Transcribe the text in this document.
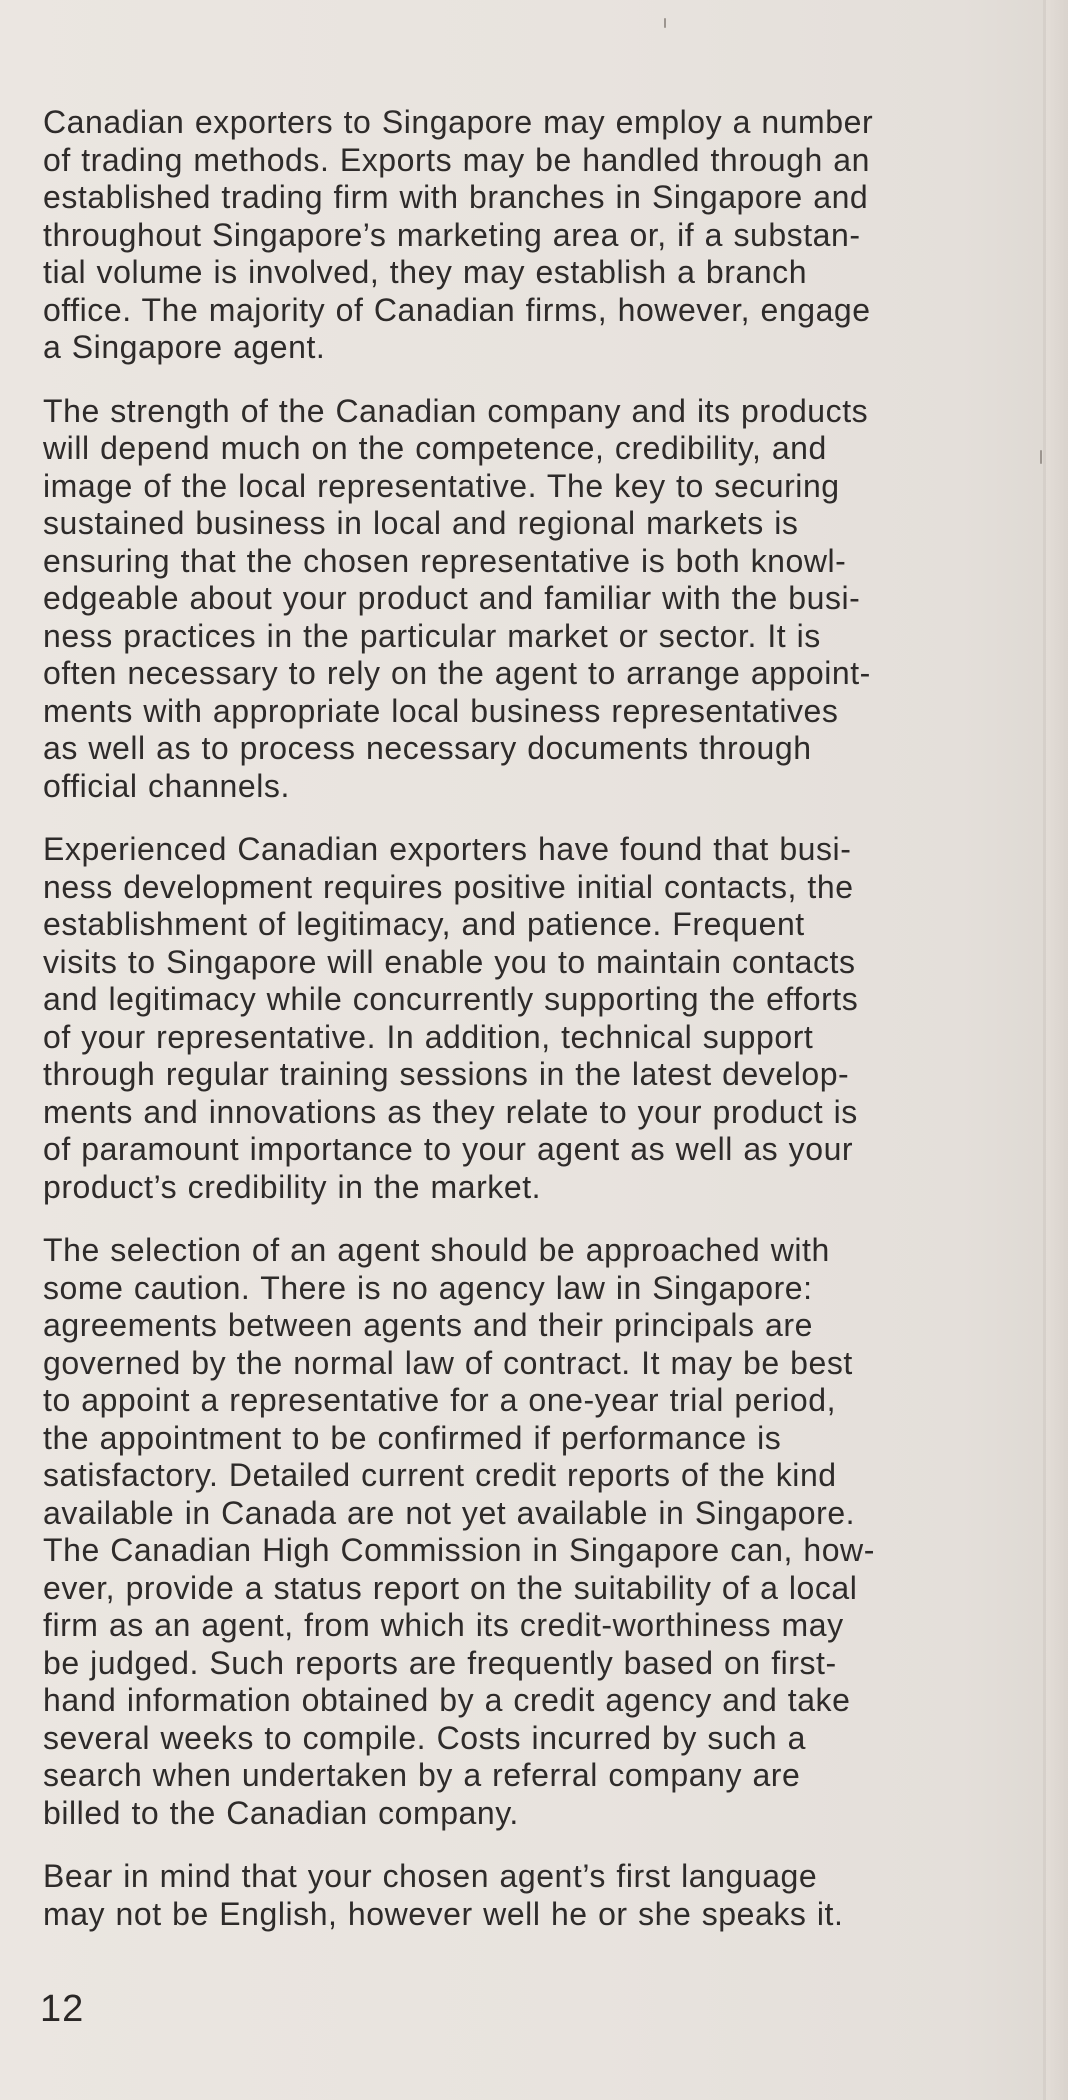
Canadian exporters to Singapore may employ a number
of trading methods. Exports may be handled through an
established trading firm with branches in Singapore and
throughout Singapore’s marketing area or, if a substan-
tial volume is involved, they may establish a branch
office. The majority of Canadian firms, however, engage
a Singapore agent.

The strength of the Canadian company and its products
will depend much on the competence, credibility, and
image of the local representative. The key to securing
sustained business in local and regional markets is
ensuring that the chosen representative is both knowl-
edgeable about your product and familiar with the busi-
ness practices in the particular market or sector. It is
often necessary to rely on the agent to arrange appoint-
ments with appropriate local business representatives
as well as to process necessary documents through
official channels.

Experienced Canadian exporters have found that busi-
ness development requires positive initial contacts, the
establishment of legitimacy, and patience. Frequent
visits to Singapore will enable you to maintain contacts
and legitimacy while concurrently supporting the efforts
of your representative. In addition, technical support
through regular training sessions in the latest develop-
ments and innovations as they relate to your product is
of paramount importance to your agent as well as your
product’s credibility in the market.

The selection of an agent should be approached with
some caution. There is no agency law in Singapore:
agreements between agents and their principals are
governed by the normal law of contract. It may be best
to appoint a representative for a one-year trial period,
the appointment to be confirmed if performance is
satisfactory. Detailed current credit reports of the kind
available in Canada are not yet available in Singapore.
The Canadian High Commission in Singapore can, how-
ever, provide a status report on the suitability of a local
firm as an agent, from which its credit-worthiness may
be judged. Such reports are frequently based on first-
hand information obtained by a credit agency and take
several weeks to compile. Costs incurred by such a
search when undertaken by a referral company are
billed to the Canadian company.

Bear in mind that your chosen agent’s first language
may not be English, however well he or she speaks it.

12
